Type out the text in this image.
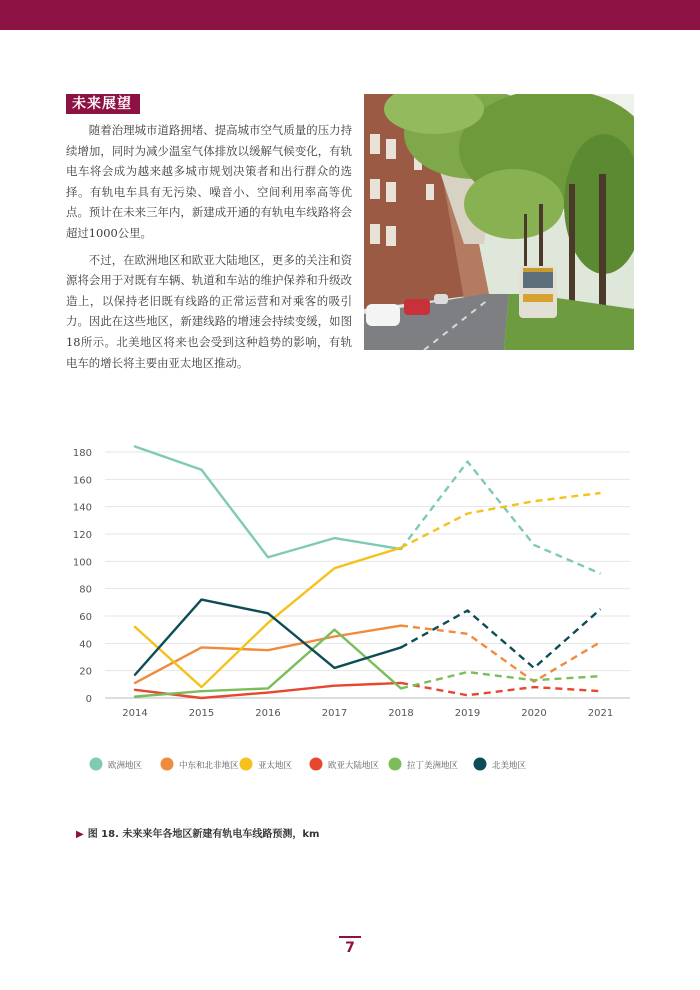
未来展望

随着治理城市道路拥堵、提高城市空气质量的压力持续增加，同时为减少温室气体排放以缓解气候变化，有轨电车将会成为越来越多城市规划决策者和出行群众的选择。有轨电车具有无污染、噪音小、空间利用率高等优点。预计在未来三年内，新建成开通的有轨电车线路将会超过1000公里。

不过，在欧洲地区和欧亚大陆地区，更多的关注和资源将会用于对既有车辆、轨道和车站的维护保养和升级改造上，以保持老旧既有线路的正常运营和对乘客的吸引力。因此在这些地区，新建线路的增速会持续变缓，如图18所示。北美地区将来也会受到这种趋势的影响，有轨电车的增长将主要由亚太地区推动。

0
20
40
60
80
100
120
140
160
180
2014	2015	2016	2017	2018	2019	2020	2021
欧洲地区	中东和北非地区 亚太地区	欧亚大陆地区	拉丁美洲地区	北美地区
▶ 图 18. 未来来年各地区新建有轨电车线路预测，km
7
